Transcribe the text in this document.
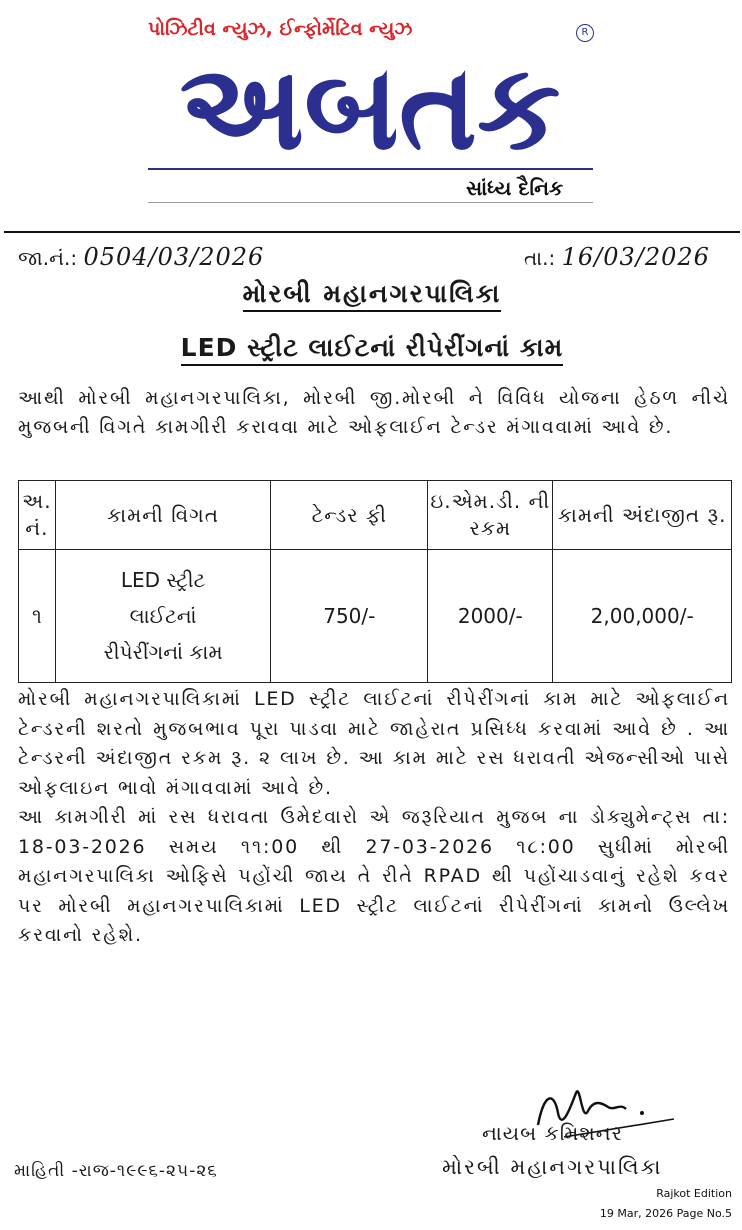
પોઝિટીવ ન્યુઝ, ઈન્ફોર્મેટિવ ન્યુઝ	R
અબતક
સાંધ્ય દૈનિક
જા.નં.: 0504/03/2026	તા.: 16/03/2026
મોરબી મહાનગરપાલિકા
LED સ્ટ્રીટ લાઈટનાં રીપેરીંગનાં કામ
આથી મોરબી મહાનગરપાલિકા, મોરબી જી.મોરબી ને વિવિધ યોજના હેઠળ નીચે મુજબની વિગતે કામગીરી કરાવવા માટે ઓફલાઈન ટેન્ડર મંગાવવામાં આવે છે.
અ. નં.	કામની વિગત	ટેન્ડર ફી	ઇ.એમ.ડી. ની રકમ	કામની અંદાજીત રૂ.
૧	LED સ્ટ્રીટ લાઈટનાં રીપેરીંગનાં કામ	750/-	2000/-	2,00,000/-

મોરબી મહાનગરપાલિકામાં LED સ્ટ્રીટ લાઈટનાં રીપેરીંગનાં કામ માટે ઓફલાઈન ટેન્ડરની શરતો મુજબભાવ પૂરા પાડવા માટે જાહેરાત પ્રસિધ્ધ કરવામાં આવે છે . આ ટેન્ડરની અંદાજીત રકમ રૂ. ૨ લાખ છે. આ કામ માટે રસ ધરાવતી એજન્સીઓ પાસે ઓફલાઇન ભાવો મંગાવવામાં આવે છે.

આ કામગીરી માં રસ ધરાવતા ઉમેદવારો એ જરૂરિયાત મુજબ ના ડોક્યુમેન્ટ્સ તા: 18-03-2026 સમય ૧૧:00 થી 27-03-2026 ૧૮:00 સુધીમાં મોરબી મહાનગરપાલિકા ઓફિસે પહોંચી જાય તે રીતે RPAD થી પહોંચાડવાનું રહેશે કવર પર મોરબી મહાનગરપાલિકામાં LED સ્ટ્રીટ લાઈટનાં રીપેરીંગનાં કામનો ઉલ્લેખ કરવાનો રહેશે.

નાયબ કમિશનર
માહિતી -રાજ-૧૯૯૬-૨૫-૨૬	મોરબી મહાનગરપાલિકા
Rajkot Edition
19 Mar, 2026 Page No.5
